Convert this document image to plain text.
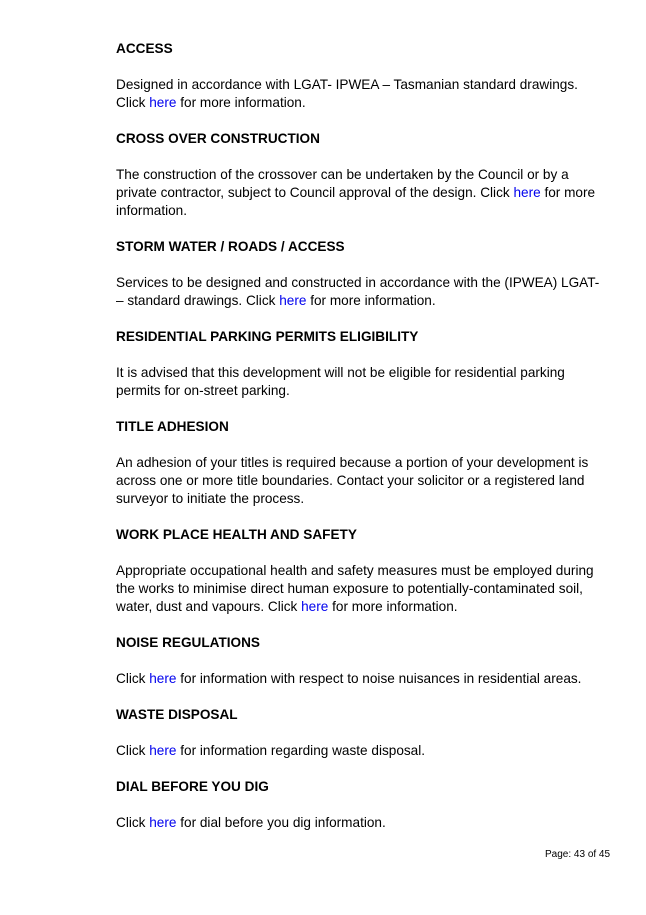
ACCESS

Designed in accordance with LGAT- IPWEA – Tasmanian standard drawings. Click here for more information.

CROSS OVER CONSTRUCTION

The construction of the crossover can be undertaken by the Council or by a private contractor, subject to Council approval of the design. Click here for more information.

STORM WATER / ROADS / ACCESS

Services to be designed and constructed in accordance with the (IPWEA) LGAT- – standard drawings. Click here for more information.

RESIDENTIAL PARKING PERMITS ELIGIBILITY

It is advised that this development will not be eligible for residential parking permits for on-street parking.

TITLE ADHESION

An adhesion of your titles is required because a portion of your development is across one or more title boundaries. Contact your solicitor or a registered land surveyor to initiate the process.

WORK PLACE HEALTH AND SAFETY

Appropriate occupational health and safety measures must be employed during the works to minimise direct human exposure to potentially-contaminated soil, water, dust and vapours. Click here for more information.

NOISE REGULATIONS

Click here for information with respect to noise nuisances in residential areas.

WASTE DISPOSAL

Click here for information regarding waste disposal.

DIAL BEFORE YOU DIG

Click here for dial before you dig information.

Page: 43 of 45
